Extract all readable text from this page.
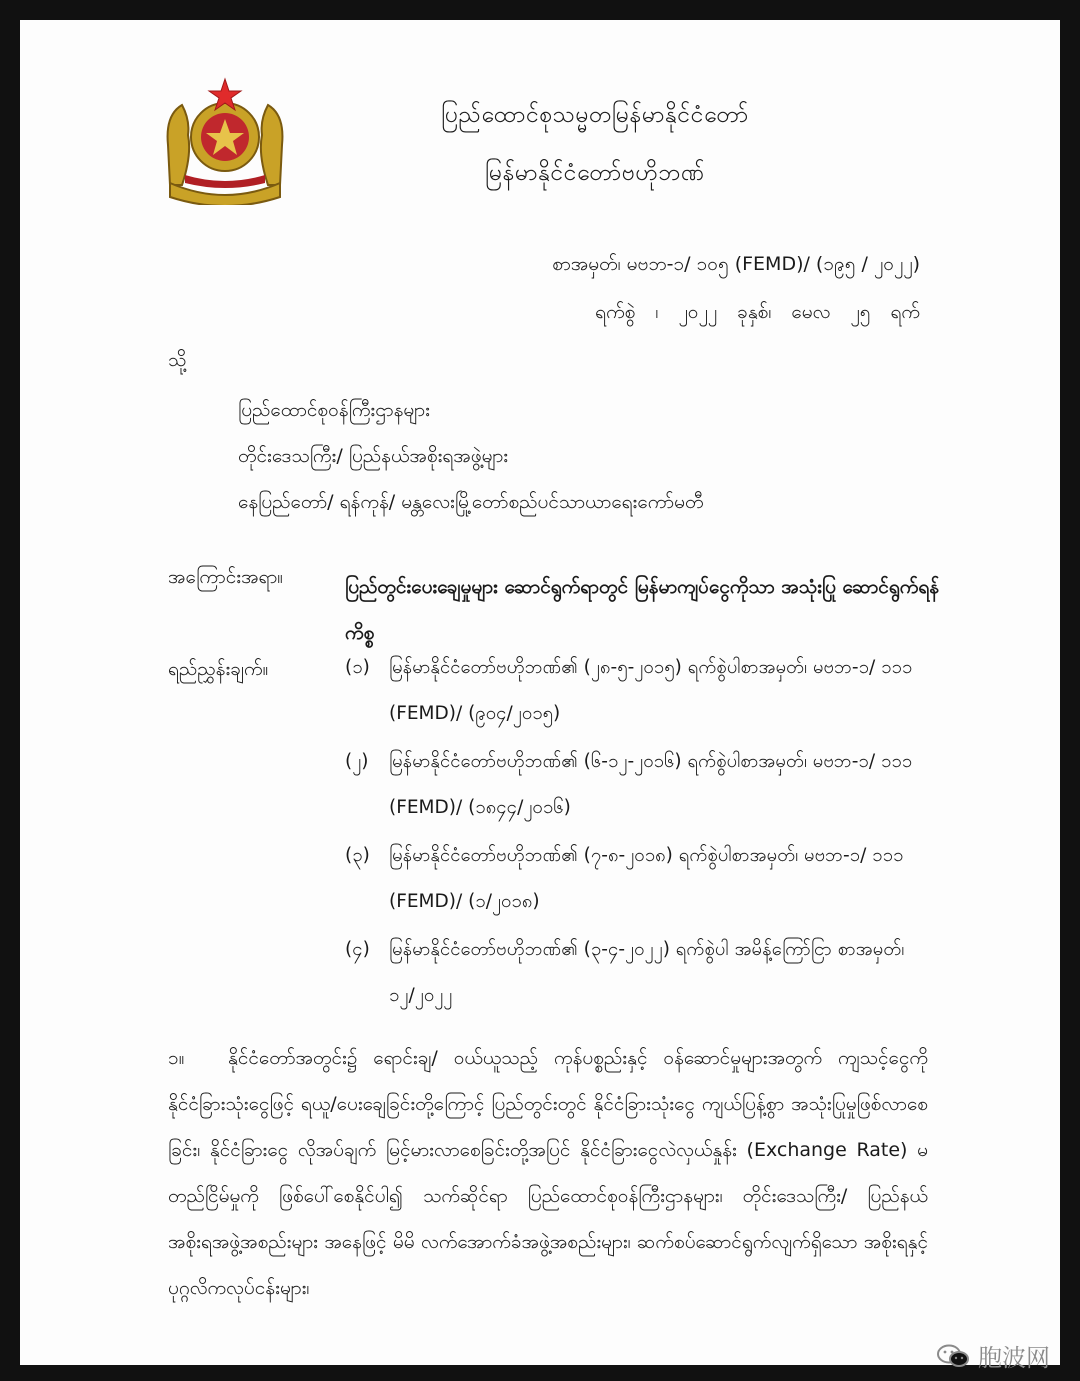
ပြည်ထောင်စုသမ္မတမြန်မာနိုင်ငံတော်
မြန်မာနိုင်ငံတော်ဗဟိုဘဏ်
စာအမှတ်၊ မဗဘ-၁/ ၁၀၅ (FEMD)/ (၁၉၅ / ၂၀၂၂)
ရက်စွဲ ၊ ၂၀၂၂ ခုနှစ်၊ မေလ ၂၅ ရက်
သို့
ပြည်ထောင်စုဝန်ကြီးဌာနများ
တိုင်းဒေသကြီး/ ပြည်နယ်အစိုးရအဖွဲ့များ
နေပြည်တော်/ ရန်ကုန်/ မန္တလေးမြို့တော်စည်ပင်သာယာရေးကော်မတီ
အကြောင်းအရာ။	ပြည်တွင်းပေးချေမှုများ ဆောင်ရွက်ရာတွင် မြန်မာကျပ်ငွေကိုသာ အသုံးပြု ဆောင်ရွက်ရန်ကိစ္စ
ရည်ညွှန်းချက်။	(၁) မြန်မာနိုင်ငံတော်ဗဟိုဘဏ်၏ (၂၈-၅-၂၀၁၅) ရက်စွဲပါစာအမှတ်၊ မဗဘ-၁/ ၁၁၁ (FEMD)/ (၉၀၄/၂၀၁၅)
(၂) မြန်မာနိုင်ငံတော်ဗဟိုဘဏ်၏ (၆-၁၂-၂၀၁၆) ရက်စွဲပါစာအမှတ်၊ မဗဘ-၁/ ၁၁၁ (FEMD)/ (၁၈၄၄/၂၀၁၆)
(၃) မြန်မာနိုင်ငံတော်ဗဟိုဘဏ်၏ (၇-၈-၂၀၁၈) ရက်စွဲပါစာအမှတ်၊ မဗဘ-၁/ ၁၁၁ (FEMD)/ (၁/၂၀၁၈)
(၄) မြန်မာနိုင်ငံတော်ဗဟိုဘဏ်၏ (၃-၄-၂၀၂၂) ရက်စွဲပါ အမိန့်ကြော်ငြာ စာအမှတ်၊ ၁၂/၂၀၂၂
၁။ နိုင်ငံတော်အတွင်း၌ ရောင်းချ/ ဝယ်ယူသည့် ကုန်ပစ္စည်းနှင့် ဝန်ဆောင်မှုများအတွက် ကျသင့်ငွေကို နိုင်ငံခြားသုံးငွေဖြင့် ရယူ/ပေးချေခြင်းတို့ကြောင့် ပြည်တွင်းတွင် နိုင်ငံခြားသုံးငွေ ကျယ်ပြန့်စွာ အသုံးပြုမှုဖြစ်လာစေခြင်း၊ နိုင်ငံခြားငွေ လိုအပ်ချက် မြင့်မားလာစေခြင်းတို့အပြင် နိုင်ငံခြားငွေလဲလှယ်နှုန်း (Exchange Rate) မတည်ငြိမ်မှုကို ဖြစ်ပေါ်စေနိုင်ပါ၍ သက်ဆိုင်ရာ ပြည်ထောင်စုဝန်ကြီးဌာနများ၊ တိုင်းဒေသကြီး/ ပြည်နယ်အစိုးရအဖွဲ့အစည်းများ အနေဖြင့် မိမိ လက်အောက်ခံအဖွဲ့အစည်းများ၊ ဆက်စပ်ဆောင်ရွက်လျက်ရှိသော အစိုးရနှင့်ပုဂ္ဂလိကလုပ်ငန်းများ၊
胞波网
